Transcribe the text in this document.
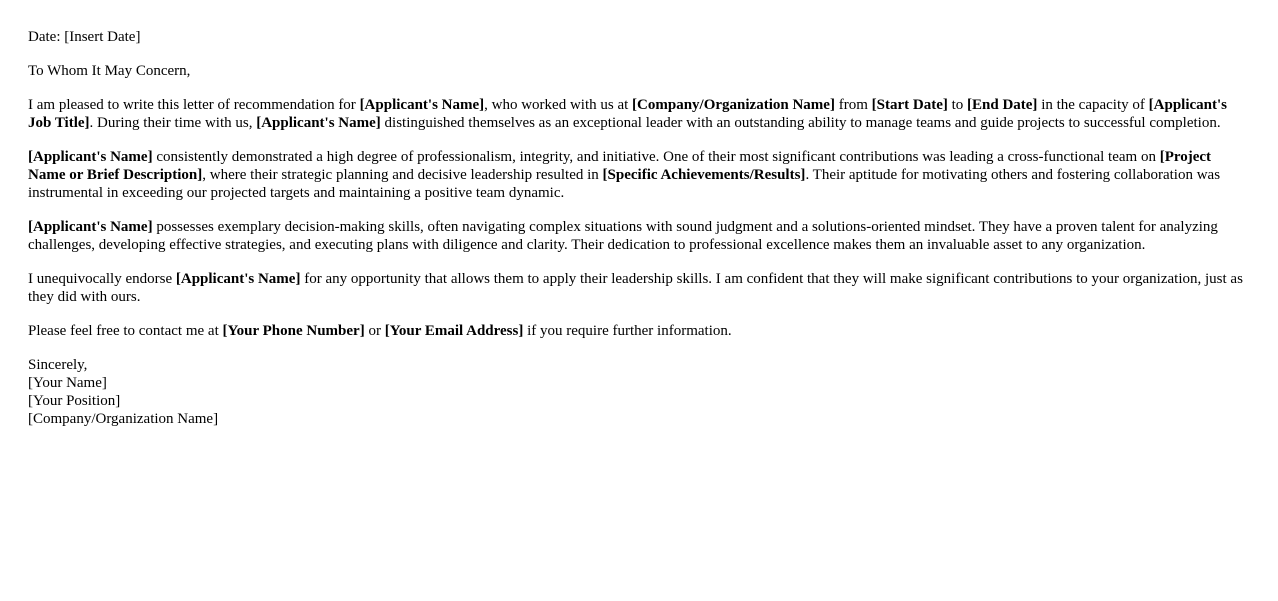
Date: [Insert Date]

To Whom It May Concern,

I am pleased to write this letter of recommendation for [Applicant's Name], who worked with us at [Company/Organization Name] from [Start Date] to [End Date] in the capacity of [Applicant's Job Title]. During their time with us, [Applicant's Name] distinguished themselves as an exceptional leader with an outstanding ability to manage teams and guide projects to successful completion.

[Applicant's Name] consistently demonstrated a high degree of professionalism, integrity, and initiative. One of their most significant contributions was leading a cross-functional team on [Project Name or Brief Description], where their strategic planning and decisive leadership resulted in [Specific Achievements/Results]. Their aptitude for motivating others and fostering collaboration was instrumental in exceeding our projected targets and maintaining a positive team dynamic.

[Applicant's Name] possesses exemplary decision-making skills, often navigating complex situations with sound judgment and a solutions-oriented mindset. They have a proven talent for analyzing challenges, developing effective strategies, and executing plans with diligence and clarity. Their dedication to professional excellence makes them an invaluable asset to any organization.

I unequivocally endorse [Applicant's Name] for any opportunity that allows them to apply their leadership skills. I am confident that they will make significant contributions to your organization, just as they did with ours.

Please feel free to contact me at [Your Phone Number] or [Your Email Address] if you require further information.

Sincerely,
[Your Name]
[Your Position]
[Company/Organization Name]
